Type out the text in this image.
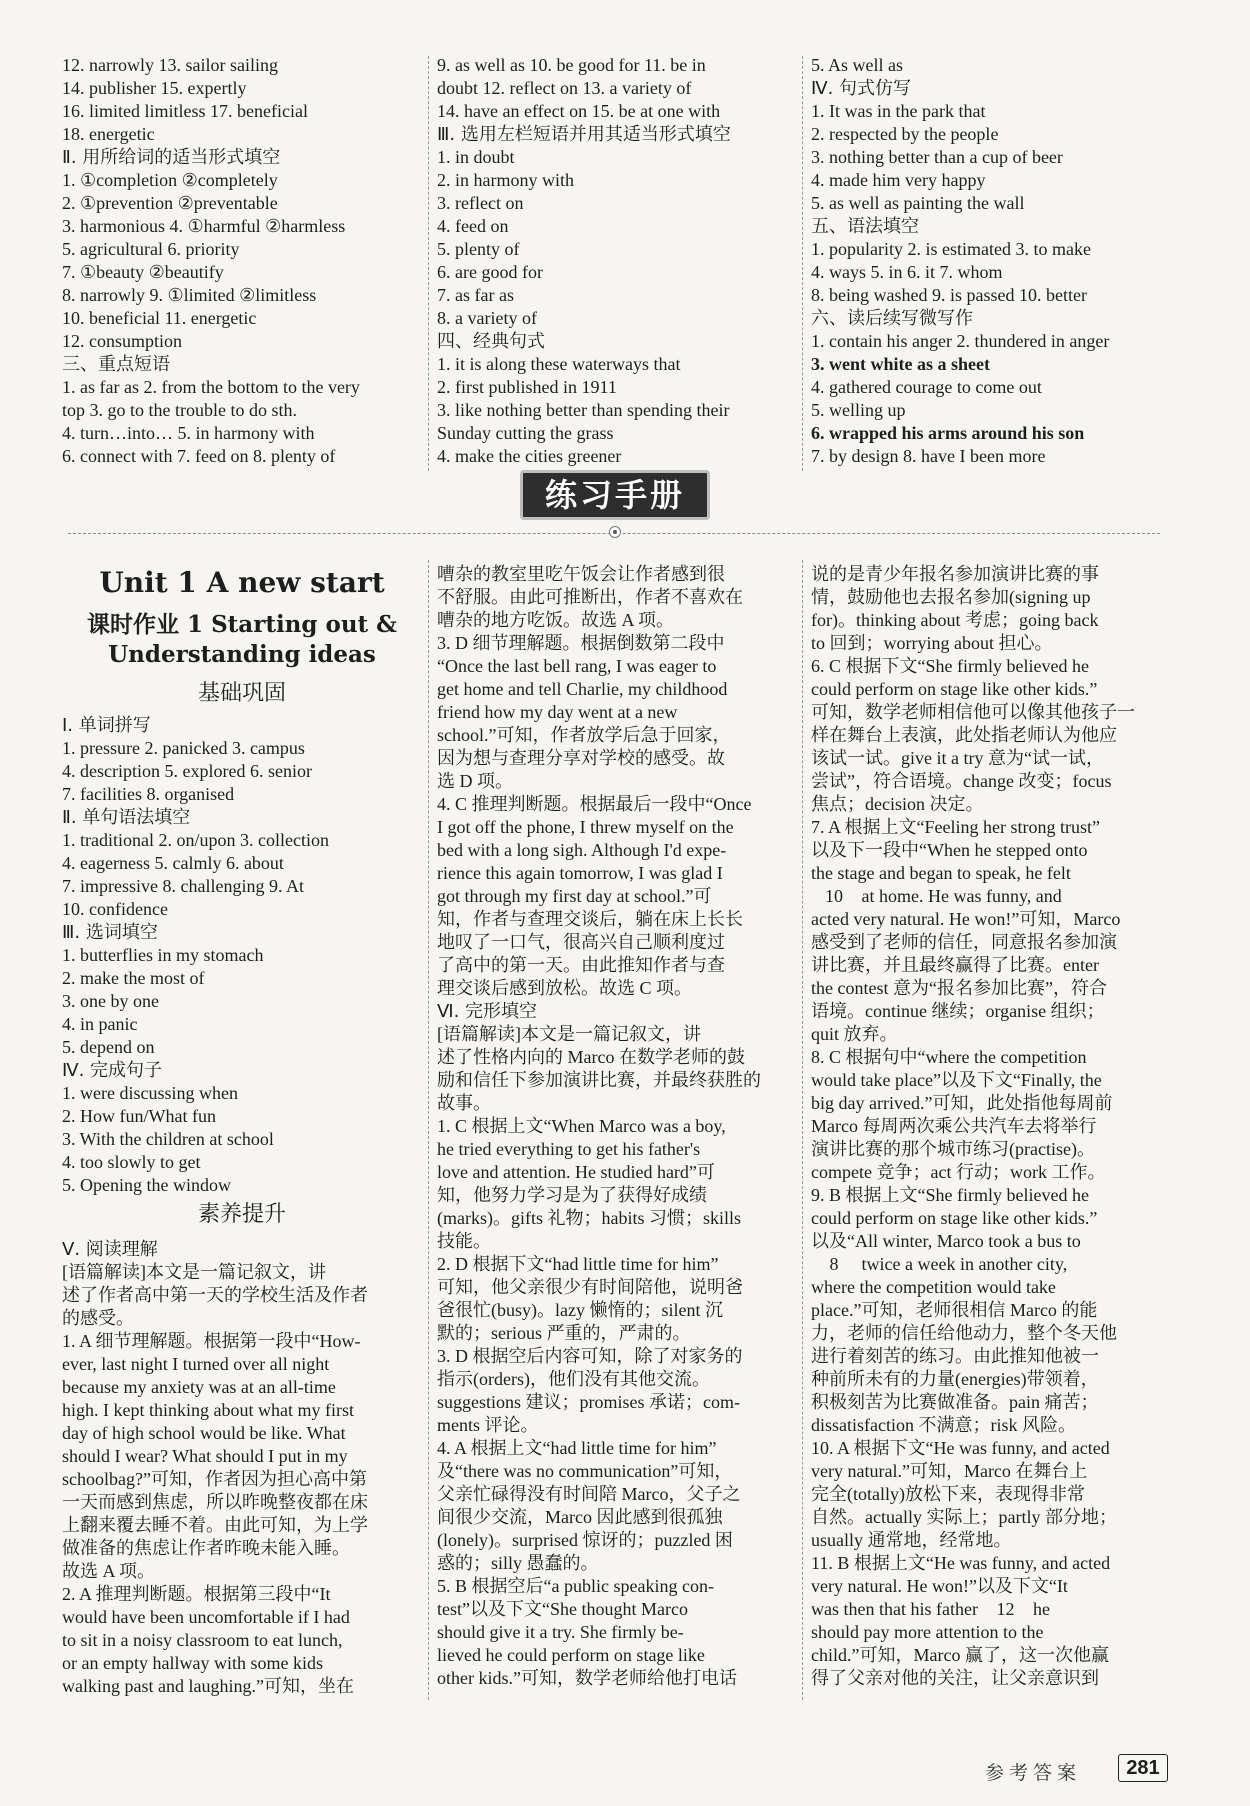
12. narrowly 13. sailor sailing
14. publisher 15. expertly
16. limited limitless 17. beneficial
18. energetic
Ⅱ. 用所给词的适当形式填空
1. ①completion ②completely
2. ①prevention ②preventable
3. harmonious 4. ①harmful ②harmless
5. agricultural 6. priority
7. ①beauty ②beautify
8. narrowly 9. ①limited ②limitless
10. beneficial 11. energetic
12. consumption
三、重点短语
1. as far as 2. from the bottom to the very
top 3. go to the trouble to do sth.
4. turn…into… 5. in harmony with
6. connect with 7. feed on 8. plenty of
9. as well as 10. be good for 11. be in
doubt 12. reflect on 13. a variety of
14. have an effect on 15. be at one with
Ⅲ. 选用左栏短语并用其适当形式填空
1. in doubt
2. in harmony with
3. reflect on
4. feed on
5. plenty of
6. are good for
7. as far as
8. a variety of
四、经典句式
1. it is along these waterways that
2. first published in 1911
3. like nothing better than spending their
Sunday cutting the grass
4. make the cities greener
5. As well as
Ⅳ. 句式仿写
1. It was in the park that
2. respected by the people
3. nothing better than a cup of beer
4. made him very happy
5. as well as painting the wall
五、语法填空
1. popularity 2. is estimated 3. to make
4. ways 5. in 6. it 7. whom
8. being washed 9. is passed 10. better
六、读后续写微写作
1. contain his anger 2. thundered in anger
3. went white as a sheet
4. gathered courage to come out
5. welling up
6. wrapped his arms around his son
7. by design 8. have I been more
练习手册
Unit 1 A new start
课时作业 1 Starting out &
Understanding ideas
基础巩固
Ⅰ. 单词拼写
1. pressure 2. panicked 3. campus
4. description 5. explored 6. senior
7. facilities 8. organised
Ⅱ. 单句语法填空
1. traditional 2. on/upon 3. collection
4. eagerness 5. calmly 6. about
7. impressive 8. challenging 9. At
10. confidence
Ⅲ. 选词填空
1. butterflies in my stomach
2. make the most of
3. one by one
4. in panic
5. depend on
Ⅳ. 完成句子
1. were discussing when
2. How fun/What fun
3. With the children at school
4. too slowly to get
5. Opening the window
素养提升
Ⅴ. 阅读理解
[语篇解读]本文是一篇记叙文，讲
述了作者高中第一天的学校生活及作者
的感受。
1. A 细节理解题。根据第一段中“How-
ever, last night I turned over all night
because my anxiety was at an all-time
high. I kept thinking about what my first
day of high school would be like. What
should I wear? What should I put in my
schoolbag?”可知，作者因为担心高中第
一天而感到焦虑，所以昨晚整夜都在床
上翻来覆去睡不着。由此可知，为上学
做准备的焦虑让作者昨晚未能入睡。
故选 A 项。
2. A 推理判断题。根据第三段中“It
would have been uncomfortable if I had
to sit in a noisy classroom to eat lunch,
or an empty hallway with some kids
walking past and laughing.”可知，坐在
嘈杂的教室里吃午饭会让作者感到很
不舒服。由此可推断出，作者不喜欢在
嘈杂的地方吃饭。故选 A 项。
3. D 细节理解题。根据倒数第二段中
“Once the last bell rang, I was eager to
get home and tell Charlie, my childhood
friend how my day went at a new
school.”可知，作者放学后急于回家，
因为想与查理分享对学校的感受。故
选 D 项。
4. C 推理判断题。根据最后一段中“Once
I got off the phone, I threw myself on the
bed with a long sigh. Although I'd expe-
rience this again tomorrow, I was glad I
got through my first day at school.”可
知，作者与查理交谈后，躺在床上长长
地叹了一口气，很高兴自己顺利度过
了高中的第一天。由此推知作者与查
理交谈后感到放松。故选 C 项。
Ⅵ. 完形填空
[语篇解读]本文是一篇记叙文，讲
述了性格内向的 Marco 在数学老师的鼓
励和信任下参加演讲比赛，并最终获胜的
故事。
1. C 根据上文“When Marco was a boy,
he tried everything to get his father's
love and attention. He studied hard”可
知，他努力学习是为了获得好成绩
(marks)。gifts 礼物；habits 习惯；skills
技能。
2. D 根据下文“had little time for him”
可知，他父亲很少有时间陪他，说明爸
爸很忙(busy)。lazy 懒惰的；silent 沉
默的；serious 严重的，严肃的。
3. D 根据空后内容可知，除了对家务的
指示(orders)，他们没有其他交流。
suggestions 建议；promises 承诺；com-
ments 评论。
4. A 根据上文“had little time for him”
及“there was no communication”可知，
父亲忙碌得没有时间陪 Marco，父子之
间很少交流，Marco 因此感到很孤独
(lonely)。surprised 惊讶的；puzzled 困
惑的；silly 愚蠢的。
5. B 根据空后“a public speaking con-
test”以及下文“She thought Marco
should give it a try. She firmly be-
lieved he could perform on stage like
other kids.”可知，数学老师给他打电话
说的是青少年报名参加演讲比赛的事
情，鼓励他也去报名参加(signing up
for)。thinking about 考虑；going back
to 回到；worrying about 担心。
6. C 根据下文“She firmly believed he
could perform on stage like other kids.”
可知，数学老师相信他可以像其他孩子一
样在舞台上表演，此处指老师认为他应
该试一试。give it a try 意为“试一试，
尝试”，符合语境。change 改变；focus
焦点；decision 决定。
7. A 根据上文“Feeling her strong trust”
以及下一段中“When he stepped onto
the stage and began to speak, he felt
10 at home. He was funny, and
acted very natural. He won!”可知，Marco
感受到了老师的信任，同意报名参加演
讲比赛，并且最终赢得了比赛。enter
the contest 意为“报名参加比赛”，符合
语境。continue 继续；organise 组织；
quit 放弃。
8. C 根据句中“where the competition
would take place”以及下文“Finally, the
big day arrived.”可知，此处指他每周前
Marco 每周两次乘公共汽车去将举行
演讲比赛的那个城市练习(practise)。
compete 竞争；act 行动；work 工作。
9. B 根据上文“She firmly believed he
could perform on stage like other kids.”
以及“All winter, Marco took a bus to
8 twice a week in another city,
where the competition would take
place.”可知，老师很相信 Marco 的能
力，老师的信任给他动力，整个冬天他
进行着刻苦的练习。由此推知他被一
种前所未有的力量(energies)带领着，
积极刻苦为比赛做准备。pain 痛苦；
dissatisfaction 不满意；risk 风险。
10. A 根据下文“He was funny, and acted
very natural.”可知，Marco 在舞台上
完全(totally)放松下来，表现得非常
自然。actually 实际上；partly 部分地；
usually 通常地，经常地。
11. B 根据上文“He was funny, and acted
very natural. He won!”以及下文“It
was then that his father 12 he
should pay more attention to the
child.”可知，Marco 赢了，这一次他赢
得了父亲对他的关注，让父亲意识到
参考答案	281
